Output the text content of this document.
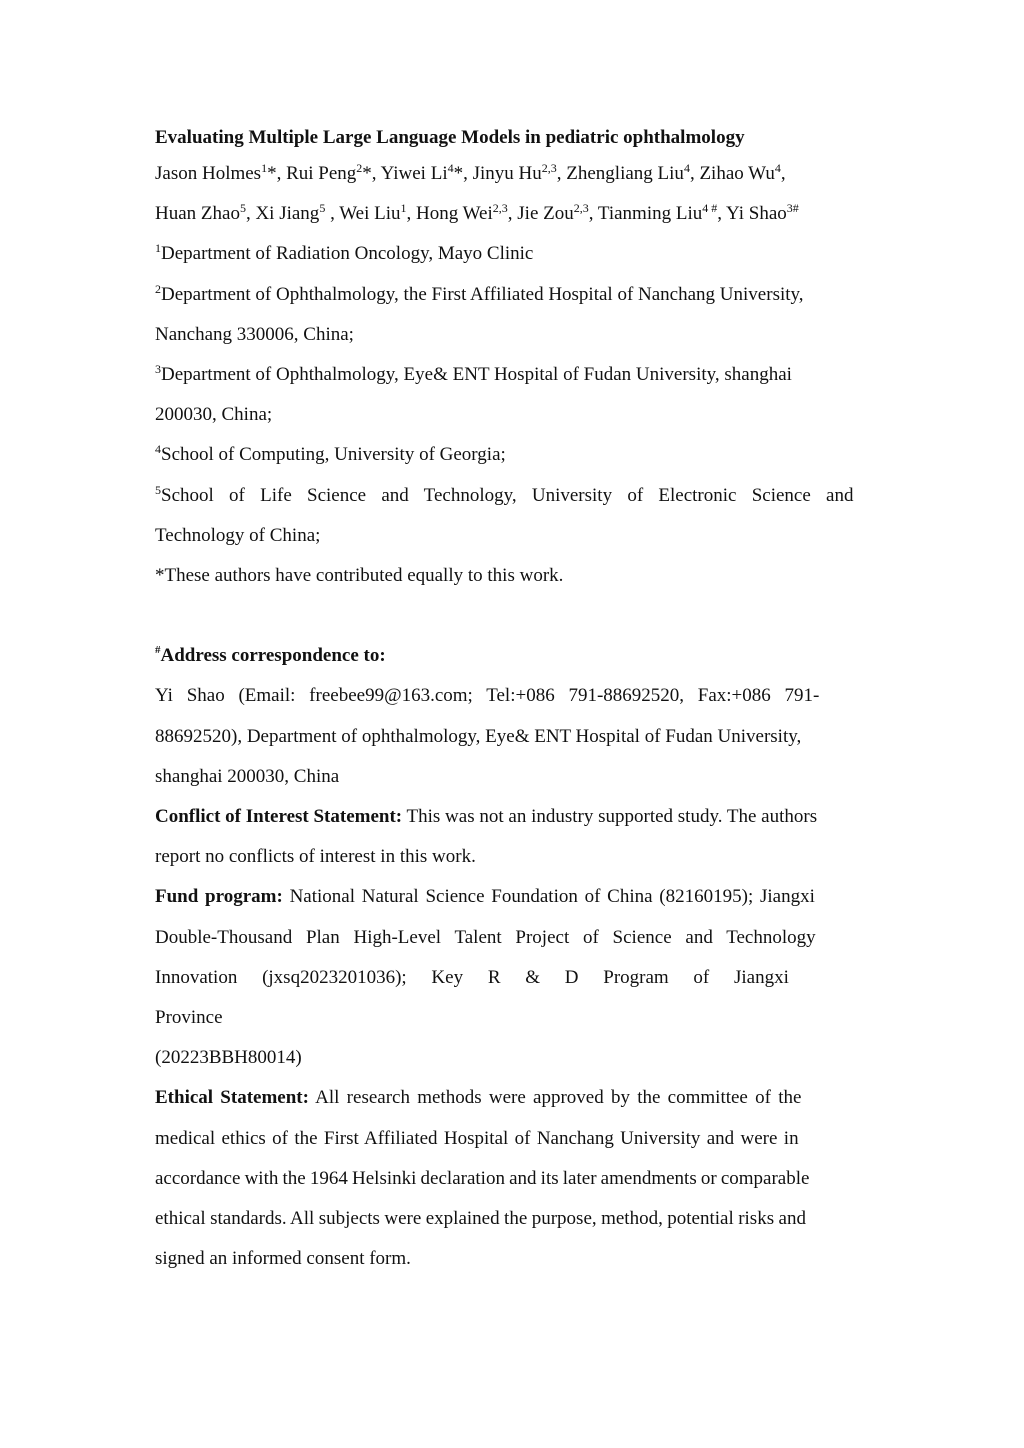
Evaluating Multiple Large Language Models in pediatric ophthalmology

Jason Holmes$^1$*, Rui Peng$^2$*, Yiwei Li$^4$*, Jinyu Hu$^{2,3}$, Zhengliang Liu$^4$, Zihao Wu$^4$,

Huan Zhao$^5$, Xi Jiang$^5$ , Wei Liu$^1$, Hong Wei$^{2,3}$, Jie Zou$^{2,3}$, Tianming Liu$^{4 \#}$, Yi Shao$^{3\#}$

$^1$Department of Radiation Oncology, Mayo Clinic

$^2$Department of Ophthalmology, the First Affiliated Hospital of Nanchang University,

Nanchang 330006, China;

$^3$Department of Ophthalmology, Eye& ENT Hospital of Fudan University, shanghai

200030, China;

$^4$School of Computing, University of Georgia;

$^5$School of Life Science and Technology, University of Electronic Science and

Technology of China;

*These authors have contributed equally to this work.

#Address correspondence to:

Yi Shao (Email: freebee99@163.com; Tel:+086 791-88692520, Fax:+086 791-

88692520), Department of ophthalmology, Eye& ENT Hospital of Fudan University,

shanghai 200030, China

Conflict of Interest Statement: This was not an industry supported study. The authors

report no conflicts of interest in this work.

Fund program: National Natural Science Foundation of China (82160195); Jiangxi

Double-Thousand Plan High-Level Talent Project of Science and Technology

Innovation (jxsq2023201036); Key R & D Program of Jiangxi Province

(20223BBH80014)

Ethical Statement: All research methods were approved by the committee of the

medical ethics of the First Affiliated Hospital of Nanchang University and were in

accordance with the 1964 Helsinki declaration and its later amendments or comparable

ethical standards. All subjects were explained the purpose, method, potential risks and

signed an informed consent form.
